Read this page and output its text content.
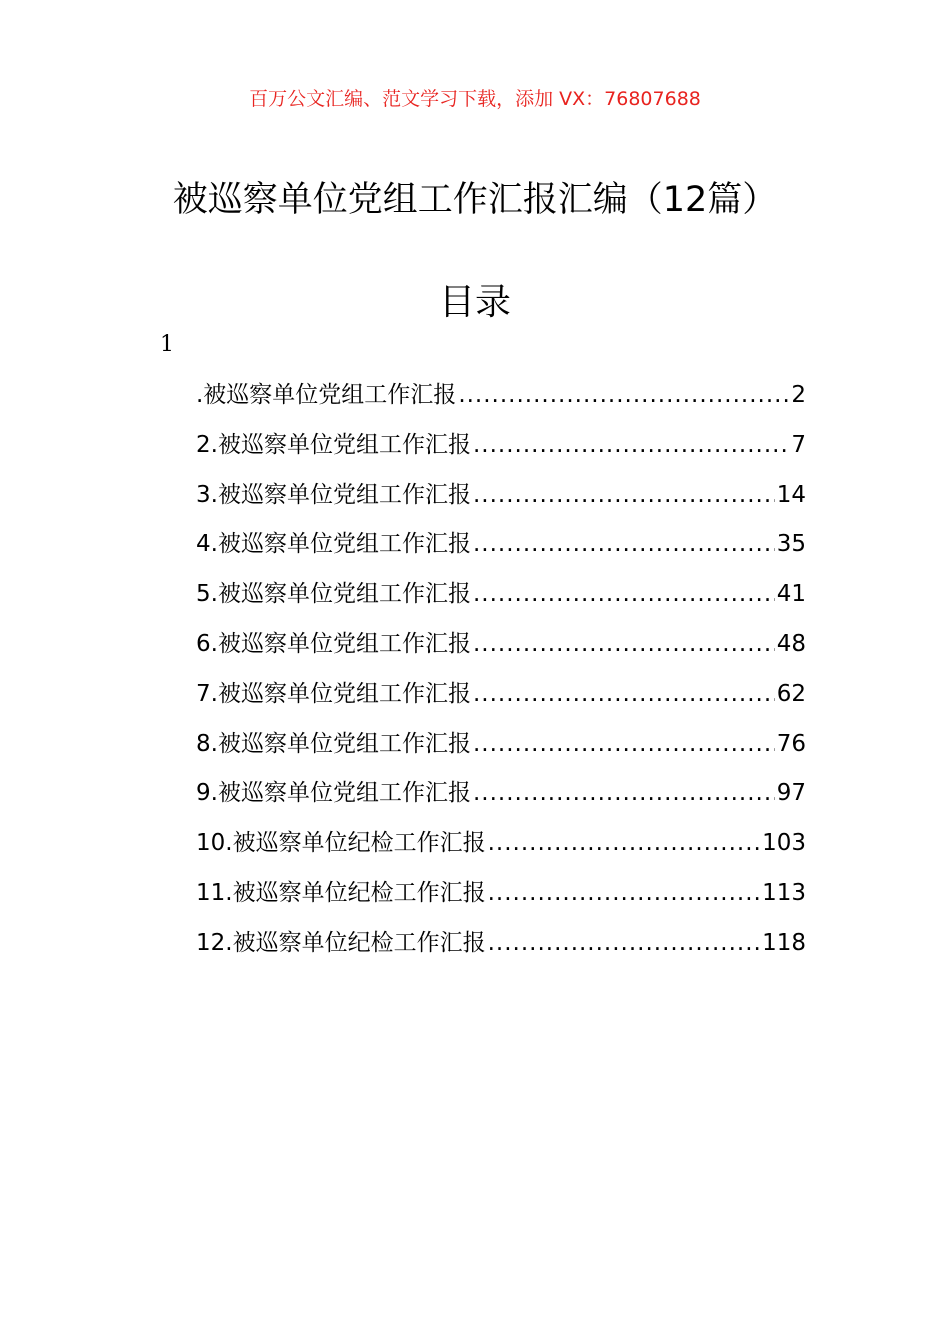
百万公文汇编、范文学习下载，添加 VX：76807688
被巡察单位党组工作汇报汇编（12篇）
目录
1
.被巡察单位党组工作汇报 .....	2
2.被巡察单位党组工作汇报 .....	7
3.被巡察单位党组工作汇报 .....	14
4.被巡察单位党组工作汇报 .....	35
5.被巡察单位党组工作汇报 .....	41
6.被巡察单位党组工作汇报 .....	48
7.被巡察单位党组工作汇报 .....	62
8.被巡察单位党组工作汇报 .....	76
9.被巡察单位党组工作汇报 .....	97
10.被巡察单位纪检工作汇报 .....	103
11.被巡察单位纪检工作汇报 .....	113
12.被巡察单位纪检工作汇报 .....	118
